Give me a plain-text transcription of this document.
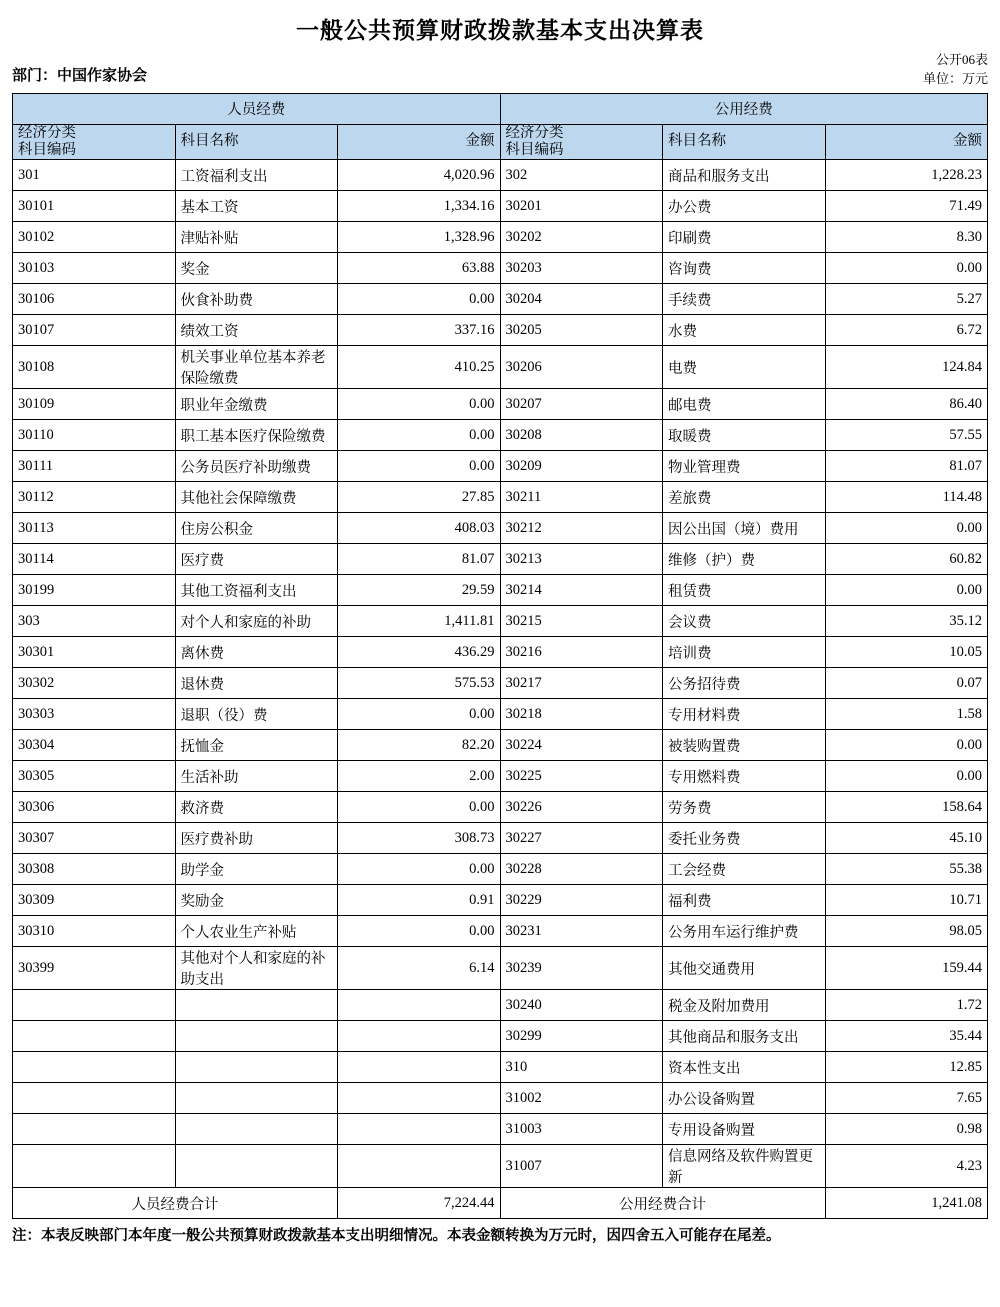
一般公共预算财政拨款基本支出决算表
部门：中国作家协会
公开06表
单位：万元
人员经费			公用经费		

经济分类
科目编码
	科目名称	金额	
经济分类
科目编码
	科目名称	金额
301	工资福利支出	4,020.96	302	商品和服务支出	1,228.23
30101	基本工资	1,334.16	30201	办公费	71.49
30102	津贴补贴	1,328.96	30202	印刷费	8.30
30103	奖金	63.88	30203	咨询费	0.00
30106	伙食补助费	0.00	30204	手续费	5.27
30107	绩效工资	337.16	30205	水费	6.72
30108	机关事业单位基本养老保险缴费	410.25	30206	电费	124.84
30109	职业年金缴费	0.00	30207	邮电费	86.40
30110	职工基本医疗保险缴费	0.00	30208	取暖费	57.55
30111	公务员医疗补助缴费	0.00	30209	物业管理费	81.07
30112	其他社会保障缴费	27.85	30211	差旅费	114.48
30113	住房公积金	408.03	30212	因公出国（境）费用	0.00
30114	医疗费	81.07	30213	维修（护）费	60.82
30199	其他工资福利支出	29.59	30214	租赁费	0.00
303	对个人和家庭的补助	1,411.81	30215	会议费	35.12
30301	离休费	436.29	30216	培训费	10.05
30302	退休费	575.53	30217	公务招待费	0.07
30303	退职（役）费	0.00	30218	专用材料费	1.58
30304	抚恤金	82.20	30224	被装购置费	0.00
30305	生活补助	2.00	30225	专用燃料费	0.00
30306	救济费	0.00	30226	劳务费	158.64
30307	医疗费补助	308.73	30227	委托业务费	45.10
30308	助学金	0.00	30228	工会经费	55.38
30309	奖励金	0.91	30229	福利费	10.71
30310	个人农业生产补贴	0.00	30231	公务用车运行维护费	98.05
30399	其他对个人和家庭的补助支出	6.14	30239	其他交通费用	159.44
			30240	税金及附加费用	1.72
			30299	其他商品和服务支出	35.44
			310	资本性支出	12.85
			31002	办公设备购置	7.65
			31003	专用设备购置	0.98
			31007	信息网络及软件购置更新	4.23
人员经费合计		7,224.44	公用经费合计		1,241.08
注：本表反映部门本年度一般公共预算财政拨款基本支出明细情况。本表金额转换为万元时，因四舍五入可能存在尾差。
